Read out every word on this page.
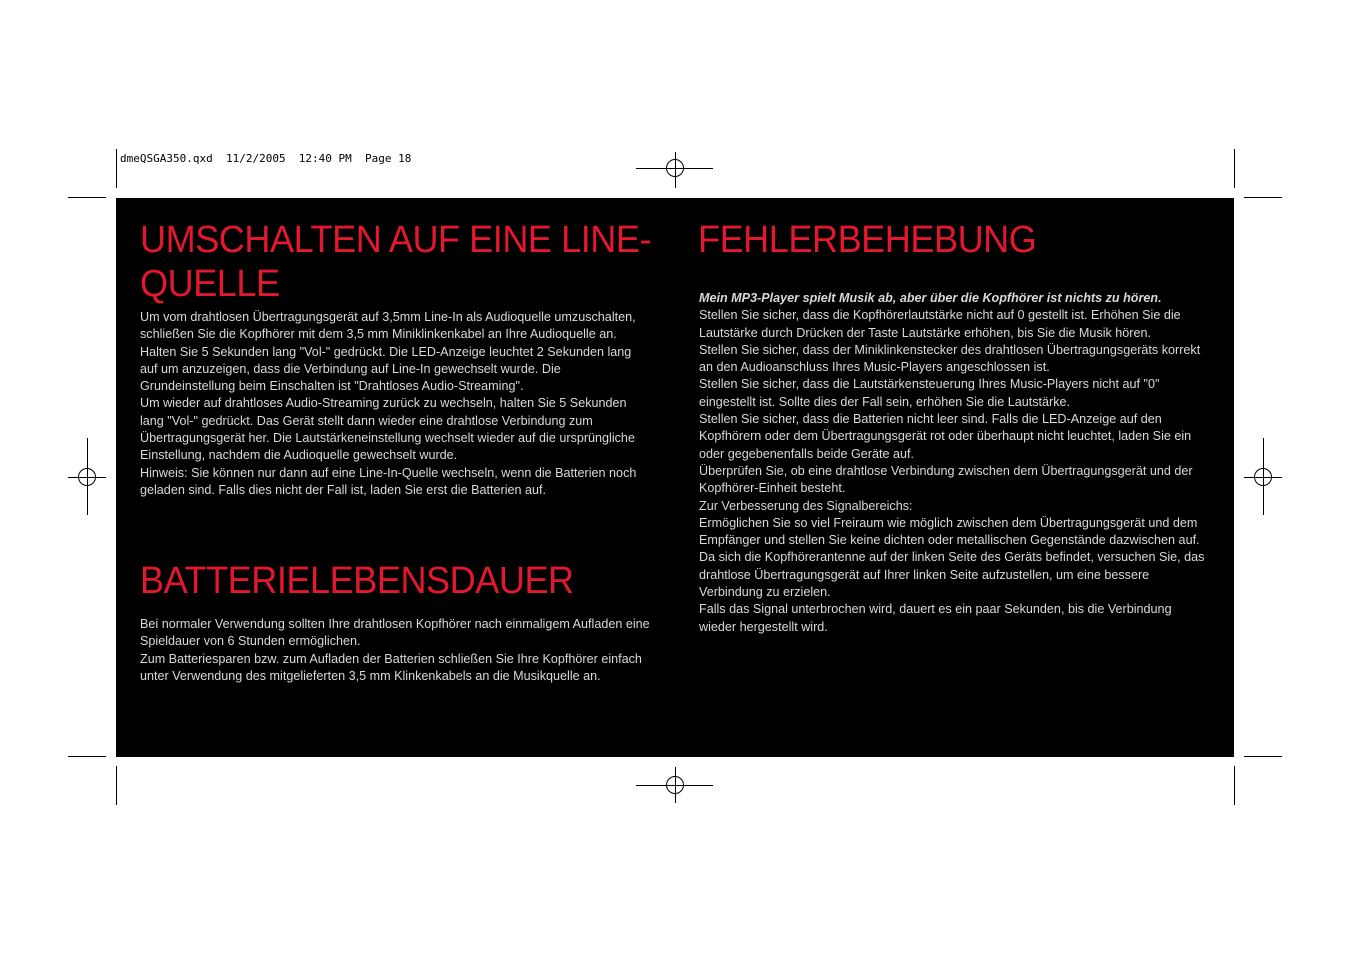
dmeQSGA350.qxd  11/2/2005  12:40 PM  Page 18
UMSCHALTEN AUF EINE LINE-
QUELLE

Um vom drahtlosen Übertragungsgerät auf 3,5mm Line-In als Audioquelle umzuschalten, schließen Sie die Kopfhörer mit dem 3,5 mm Miniklinkenkabel an Ihre Audioquelle an. Halten Sie 5 Sekunden lang "Vol-" gedrückt. Die LED-Anzeige leuchtet 2 Sekunden lang auf um anzuzeigen, dass die Verbindung auf Line-In gewechselt wurde. Die Grundeinstellung beim Einschalten ist "Drahtloses Audio-Streaming".

Um wieder auf drahtloses Audio-Streaming zurück zu wechseln, halten Sie 5 Sekunden lang "Vol-" gedrückt. Das Gerät stellt dann wieder eine drahtlose Verbindung zum Übertragungsgerät her. Die Lautstärkeneinstellung wechselt wieder auf die ursprüngliche Einstellung, nachdem die Audioquelle gewechselt wurde.

Hinweis: Sie können nur dann auf eine Line-In-Quelle wechseln, wenn die Batterien noch geladen sind. Falls dies nicht der Fall ist, laden Sie erst die Batterien auf.

BATTERIELEBENSDAUER

Bei normaler Verwendung sollten Ihre drahtlosen Kopfhörer nach einmaligem Aufladen eine Spieldauer von 6 Stunden ermöglichen.

Zum Batteriesparen bzw. zum Aufladen der Batterien schließen Sie Ihre Kopfhörer einfach unter Verwendung des mitgelieferten 3,5 mm Klinkenkabels an die Musikquelle an.

FEHLERBEHEBUNG

Mein MP3-Player spielt Musik ab, aber über die Kopfhörer ist nichts zu hören.

Stellen Sie sicher, dass die Kopfhörerlautstärke nicht auf 0 gestellt ist. Erhöhen Sie die Lautstärke durch Drücken der Taste Lautstärke erhöhen, bis Sie die Musik hören.

Stellen Sie sicher, dass der Miniklinkenstecker des drahtlosen Übertragungsgeräts korrekt an den Audioanschluss Ihres Music-Players angeschlossen ist.

Stellen Sie sicher, dass die Lautstärkensteuerung Ihres Music-Players nicht auf "0" eingestellt ist. Sollte dies der Fall sein, erhöhen Sie die Lautstärke.

Stellen Sie sicher, dass die Batterien nicht leer sind. Falls die LED-Anzeige auf den Kopfhörern oder dem Übertragungsgerät rot oder überhaupt nicht leuchtet, laden Sie ein oder gegebenenfalls beide Geräte auf.

Überprüfen Sie, ob eine drahtlose Verbindung zwischen dem Übertragungsgerät und der Kopfhörer-Einheit besteht.

Zur Verbesserung des Signalbereichs:

Ermöglichen Sie so viel Freiraum wie möglich zwischen dem Übertragungsgerät und dem Empfänger und stellen Sie keine dichten oder metallischen Gegenstände dazwischen auf.

Da sich die Kopfhörerantenne auf der linken Seite des Geräts befindet, versuchen Sie, das drahtlose Übertragungsgerät auf Ihrer linken Seite aufzustellen, um eine bessere Verbindung zu erzielen.

Falls das Signal unterbrochen wird, dauert es ein paar Sekunden, bis die Verbindung wieder hergestellt wird.
